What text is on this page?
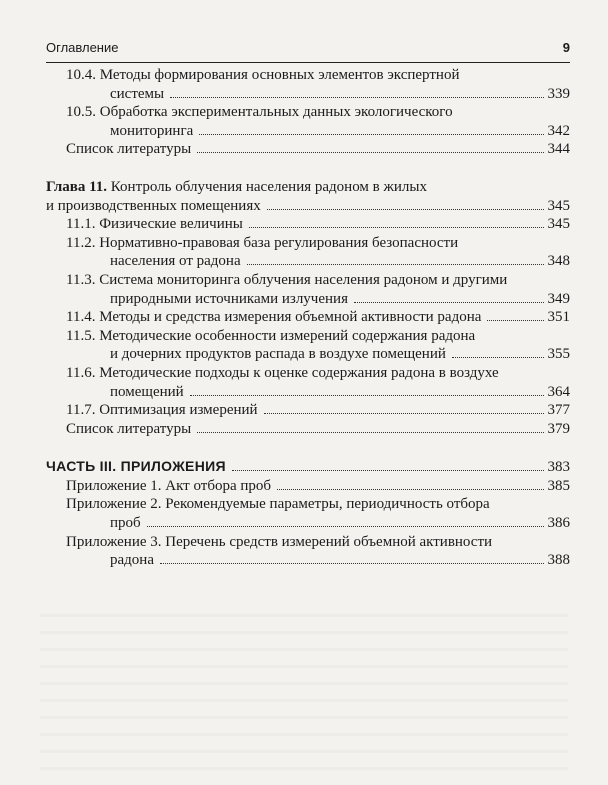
Оглавление	9
10.4. Методы формирования основных элементов экспертной
системы	339
10.5. Обработка экспериментальных данных экологического
мониторинга	342
Список литературы	344
Глава 11. Контроль облучения населения радоном в жилых
и производственных помещениях	345
11.1. Физические величины	345
11.2. Нормативно-правовая база регулирования безопасности
населения от радона	348
11.3. Система мониторинга облучения населения радоном и другими
природными источниками излучения	349
11.4. Методы и средства измерения объемной активности радона	351
11.5. Методические особенности измерений содержания радона
и дочерних продуктов распада в воздухе помещений	355
11.6. Методические подходы к оценке содержания радона в воздухе
помещений	364
11.7. Оптимизация измерений	377
Список литературы	379
ЧАСТЬ III. ПРИЛОЖЕНИЯ	383
Приложение 1. Акт отбора проб	385
Приложение 2. Рекомендуемые параметры, периодичность отбора
проб	386
Приложение 3. Перечень средств измерений объемной активности
радона	388
